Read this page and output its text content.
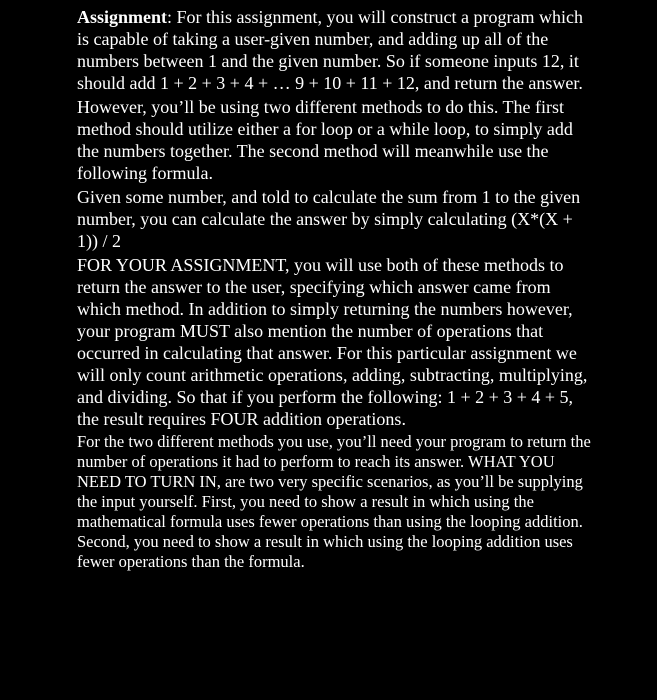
Assignment: For this assignment, you will construct a program which is capable of taking a user-given number, and adding up all of the numbers between 1 and the given number. So if someone inputs 12, it should add 1 + 2 + 3 + 4 + … 9 + 10 + 11 + 12, and return the answer.

However, you’ll be using two different methods to do this. The first method should utilize either a for loop or a while loop, to simply add the numbers together. The second method will meanwhile use the following formula.

Given some number, and told to calculate the sum from 1 to the given number, you can calculate the answer by simply calculating (X*(X + 1)) / 2

FOR YOUR ASSIGNMENT, you will use both of these methods to return the answer to the user, specifying which answer came from which method. In addition to simply returning the numbers however, your program MUST also mention the number of operations that occurred in calculating that answer. For this particular assignment we will only count arithmetic operations, adding, subtracting, multiplying, and dividing. So that if you perform the following: 1 + 2 + 3 + 4 + 5, the result requires FOUR addition operations.

For the two different methods you use, you’ll need your program to return the number of operations it had to perform to reach its answer. WHAT YOU NEED TO TURN IN, are two very specific scenarios, as you’ll be supplying the input yourself. First, you need to show a result in which using the mathematical formula uses fewer operations than using the looping addition. Second, you need to show a result in which using the looping addition uses fewer operations than the formula.
